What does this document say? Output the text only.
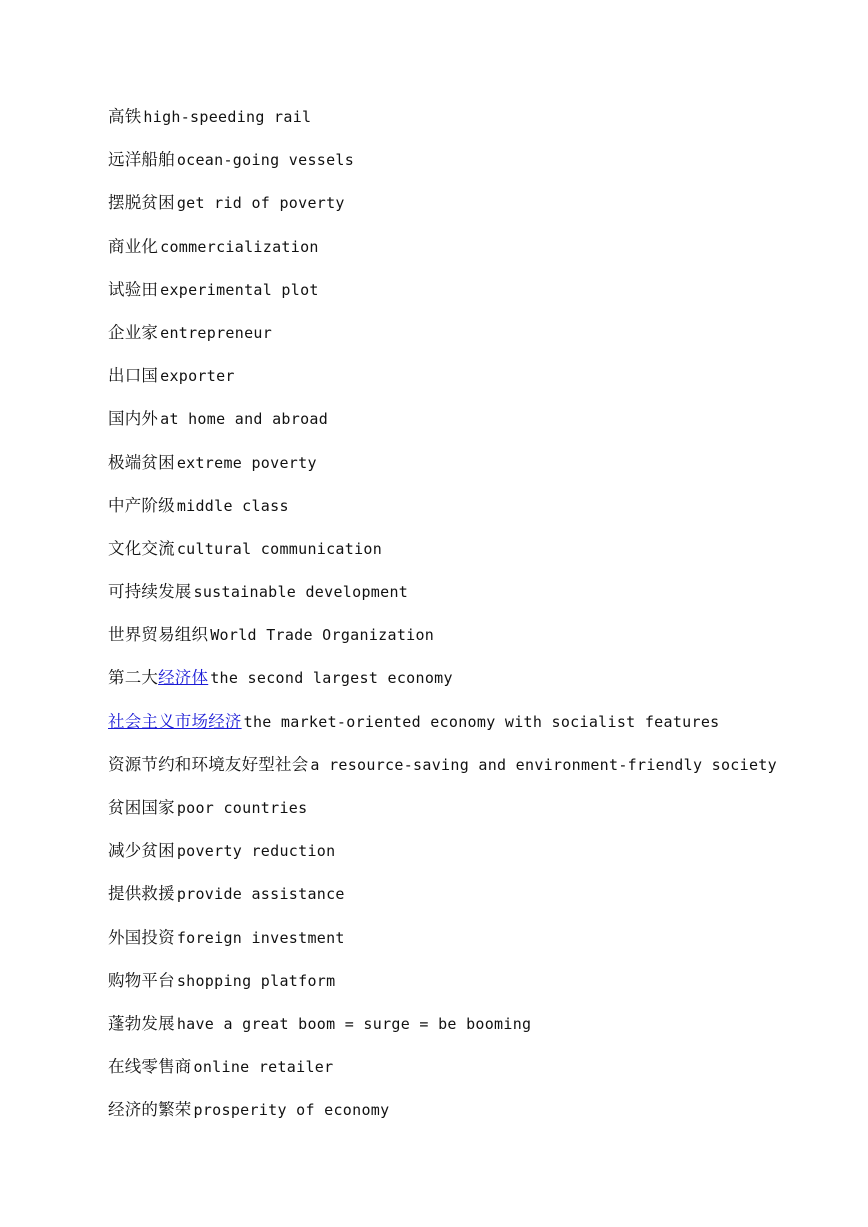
高铁 high-speeding rail
远洋船舶 ocean-going vessels
摆脱贫困 get rid of poverty
商业化 commercialization
试验田 experimental plot
企业家 entrepreneur
出口国 exporter
国内外 at home and abroad
极端贫困 extreme poverty
中产阶级 middle class
文化交流 cultural communication
可持续发展 sustainable development
世界贸易组织 World Trade Organization
第二大经济体 the second largest economy
社会主义市场经济 the market-oriented economy with socialist features
资源节约和环境友好型社会 a resource-saving and environment-friendly society
贫困国家 poor countries
减少贫困 poverty reduction
提供救援 provide assistance
外国投资 foreign investment
购物平台 shopping platform
蓬勃发展 have a great boom = surge = be booming
在线零售商 online retailer
经济的繁荣 prosperity of economy
